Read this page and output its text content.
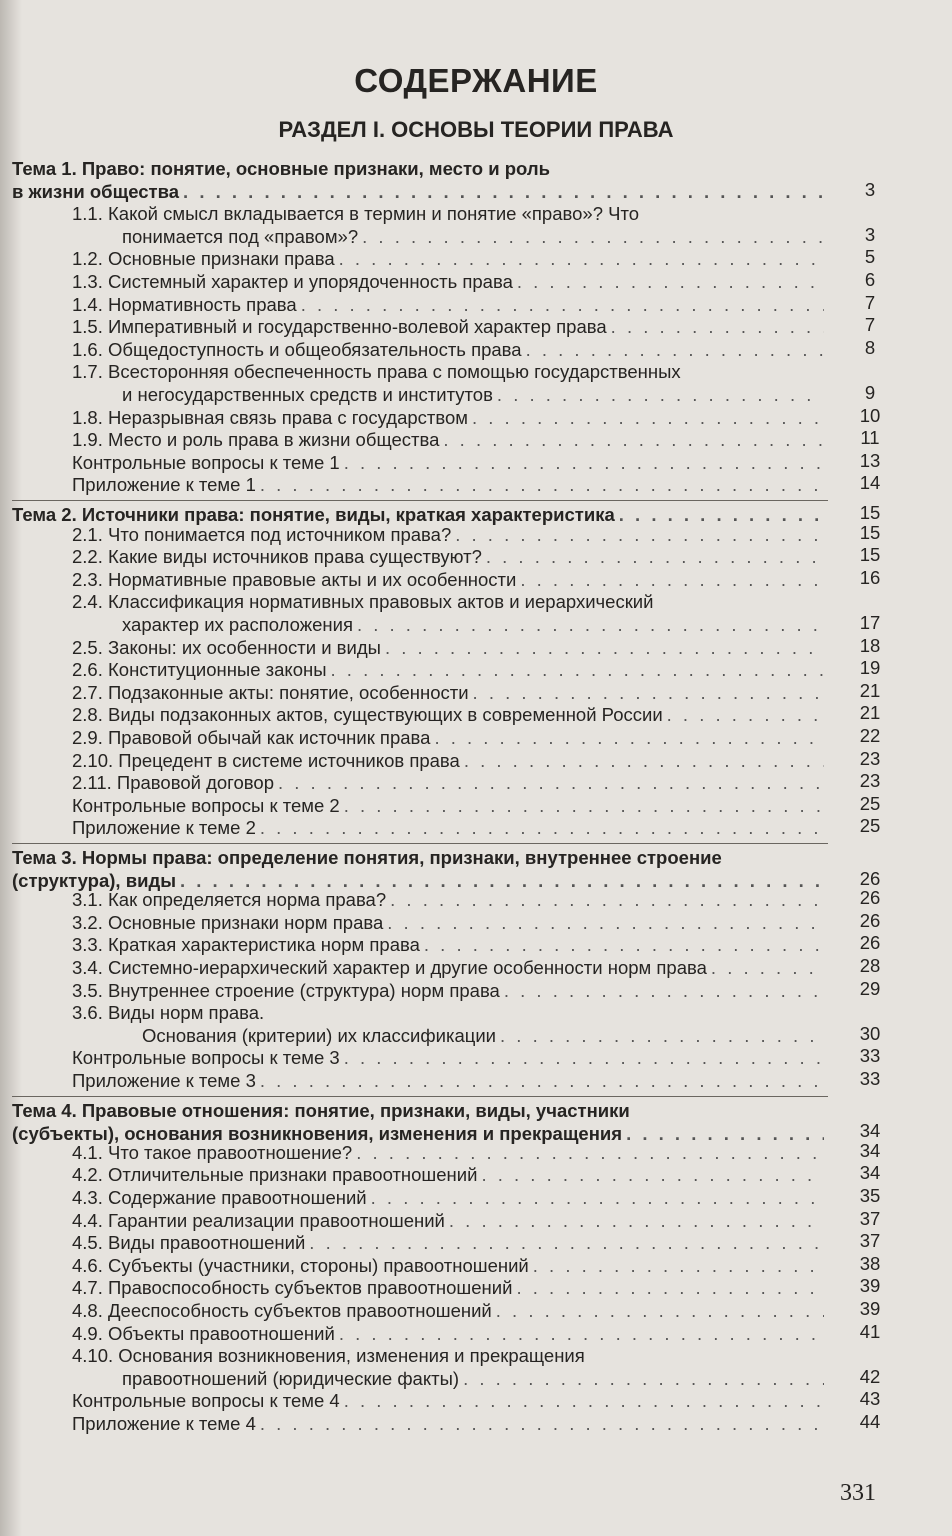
СОДЕРЖАНИЕ
РАЗДЕЛ I. ОСНОВЫ ТЕОРИИ ПРАВА
Тема 1. Право: понятие, основные признаки, место и роль
в жизни общества . . .	3
1.1. Какой смысл вкладывается в термин и понятие «право»? Что
понимается под «правом»? . . .	3
1.2. Основные признаки права . . .	5
1.3. Системный характер и упорядоченность права . . .	6
1.4. Нормативность права . . .	7
1.5. Императивный и государственно-волевой характер права . . .	7
1.6. Общедоступность и общеобязательность права . . .	8
1.7. Всесторонняя обеспеченность права с помощью государственных
и негосударственных средств и институтов . . .	9
1.8. Неразрывная связь права с государством . . .	10
1.9. Место и роль права в жизни общества . . .	11
Контрольные вопросы к теме 1 . . .	13
Приложение к теме 1 . . .	14
Тема 2. Источники права: понятие, виды, краткая характеристика . . .	15
2.1. Что понимается под источником права? . . .	15
2.2. Какие виды источников права существуют? . . .	15
2.3. Нормативные правовые акты и их особенности . . .	16
2.4. Классификация нормативных правовых актов и иерархический
характер их расположения . . .	17
2.5. Законы: их особенности и виды . . .	18
2.6. Конституционные законы . . .	19
2.7. Подзаконные акты: понятие, особенности . . .	21
2.8. Виды подзаконных актов, существующих в современной России . . .	21
2.9. Правовой обычай как источник права . . .	22
2.10. Прецедент в системе источников права . . .	23
2.11. Правовой договор . . .	23
Контрольные вопросы к теме 2 . . .	25
Приложение к теме 2 . . .	25
Тема 3. Нормы права: определение понятия, признаки, внутреннее строение
(структура), виды . . .	26
3.1. Как определяется норма права? . . .	26
3.2. Основные признаки норм права . . .	26
3.3. Краткая характеристика норм права . . .	26
3.4. Системно-иерархический характер и другие особенности норм права . . .	28
3.5. Внутреннее строение (структура) норм права . . .	29
3.6. Виды норм права.
Основания (критерии) их классификации . . .	30
Контрольные вопросы к теме 3 . . .	33
Приложение к теме 3 . . .	33
Тема 4. Правовые отношения: понятие, признаки, виды, участники
(субъекты), основания возникновения, изменения и прекращения . . .	34
4.1. Что такое правоотношение? . . .	34
4.2. Отличительные признаки правоотношений . . .	34
4.3. Содержание правоотношений . . .	35
4.4. Гарантии реализации правоотношений . . .	37
4.5. Виды правоотношений . . .	37
4.6. Субъекты (участники, стороны) правоотношений . . .	38
4.7. Правоспособность субъектов правоотношений . . .	39
4.8. Дееспособность субъектов правоотношений . . .	39
4.9. Объекты правоотношений . . .	41
4.10. Основания возникновения, изменения и прекращения
правоотношений (юридические факты) . . .	42
Контрольные вопросы к теме 4 . . .	43
Приложение к теме 4 . . .	44
331
